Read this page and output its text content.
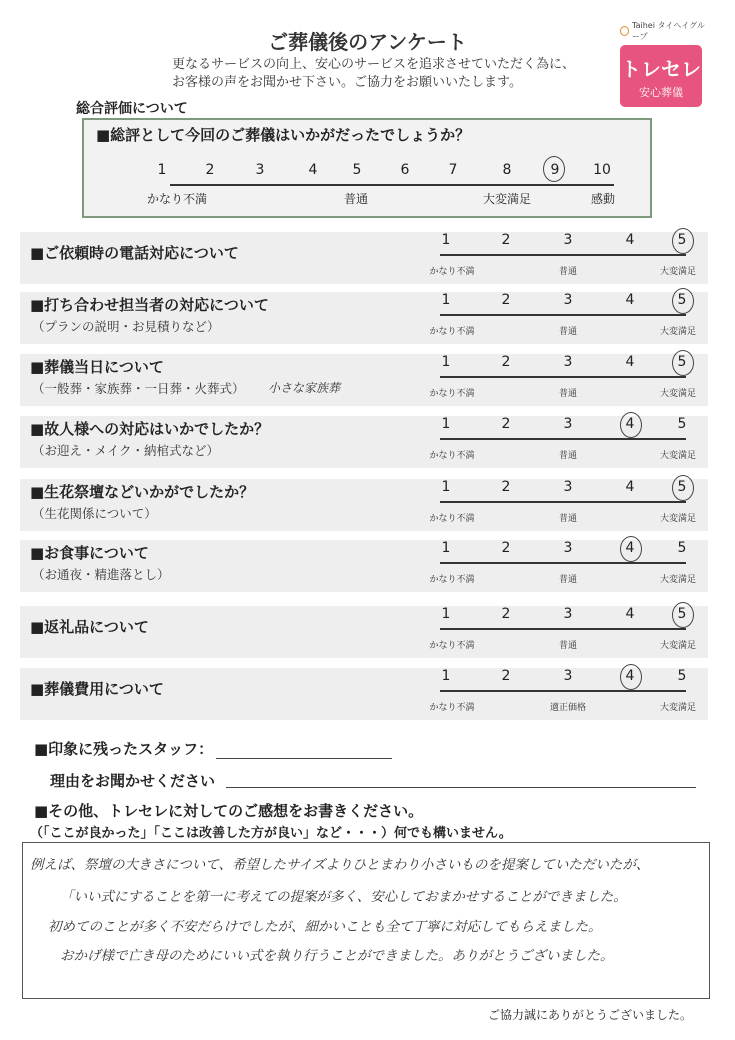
ご葬儀後のアンケート
更なるサービスの向上、安心のサービスを追求させていただく為に、
お客様の声をお聞かせ下さい。ご協力をお願いいたします。
Taihei タイヘイグループ
トレセレ
安心葬儀
総合評価について
■総評として今回のご葬儀はいかがだったでしょうか？
1	2	3	4	5	6	7	8	9	10
かなり不満	普通	大変満足	感動
■ご依頼時の電話対応について
1	2	3	4	5
かなり不満	普通	大変満足
■打ち合わせ担当者の対応について
（プランの説明・お見積りなど）
1	2	3	4	5
かなり不満	普通	大変満足
■葬儀当日について
（一般葬・家族葬・一日葬・火葬式） 小さな家族葬
1	2	3	4	5
かなり不満	普通	大変満足
■故人様への対応はいかでしたか？
（お迎え・メイク・納棺式など）
1	2	3	4	5
かなり不満	普通	大変満足
■生花祭壇などいかがでしたか？
（生花関係について）
1	2	3	4	5
かなり不満	普通	大変満足
■お食事について
（お通夜・精進落とし）
1	2	3	4	5
かなり不満	普通	大変満足
■返礼品について
1	2	3	4	5
かなり不満	普通	大変満足
■葬儀費用について
1	2	3	4	5
かなり不満	適正価格	大変満足
■印象に残ったスタッフ：
理由をお聞かせください
■その他、トレセレに対してのご感想をお書きください。
（「ここが良かった」「ここは改善した方が良い」など・・・）何でも構いません。
例えば、祭壇の大きさについて、希望したサイズよりひとまわり小さいものを提案していただいたが、
「いい式にすることを第一に考えての提案が多く、安心しておまかせすることができました。
初めてのことが多く不安だらけでしたが、細かいことも全て丁寧に対応してもらえました。
おかげ様で亡き母のためにいい式を執り行うことができました。ありがとうございました。
ご協力誠にありがとうございました。
